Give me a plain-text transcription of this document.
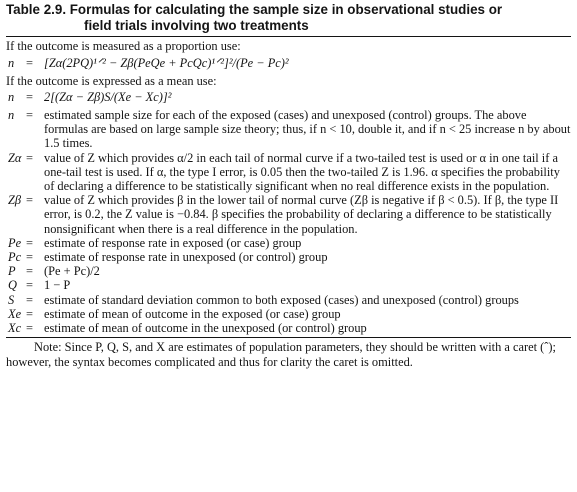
Table 2.9. Formulas for calculating the sample size in observational studies or
field trials involving two treatments
If the outcome is measured as a proportion use:
n = [Zα(2PQ)¹ᐟ² − Zβ(PeQe + PcQc)¹ᐟ²]²/(Pe − Pc)²
If the outcome is expressed as a mean use:
n = 2[(Zα − Zβ)S/(Xe − Xc)]²
n = estimated sample size for each of the exposed (cases) and unexposed (control) groups. The above formulas are based on large sample size theory; thus, if n < 10, double it, and if n < 25 increase n by about 1.5 times.
Zα = value of Z which provides α/2 in each tail of normal curve if a two-tailed test is used or α in one tail if a one-tail test is used. If α, the type I error, is 0.05 then the two-tailed Z is 1.96. α specifies the probability of declaring a difference to be statistically significant when no real difference exists in the population.
Zβ = value of Z which provides β in the lower tail of normal curve (Zβ is negative if β < 0.5). If β, the type II error, is 0.2, the Z value is −0.84. β specifies the probability of declaring a difference to be statistically nonsignificant when there is a real difference in the population.
Pe = estimate of response rate in exposed (or case) group
Pc = estimate of response rate in unexposed (or control) group
P = (Pe + Pc)/2
Q = 1 − P
S = estimate of standard deviation common to both exposed (cases) and unexposed (control) groups
Xe = estimate of mean of outcome in the exposed (or case) group
Xc = estimate of mean of outcome in the unexposed (or control) group
Note: Since P, Q, S, and X are estimates of population parameters, they should be written with a caret (ˆ); however, the syntax becomes complicated and thus for clarity the caret is omitted.
